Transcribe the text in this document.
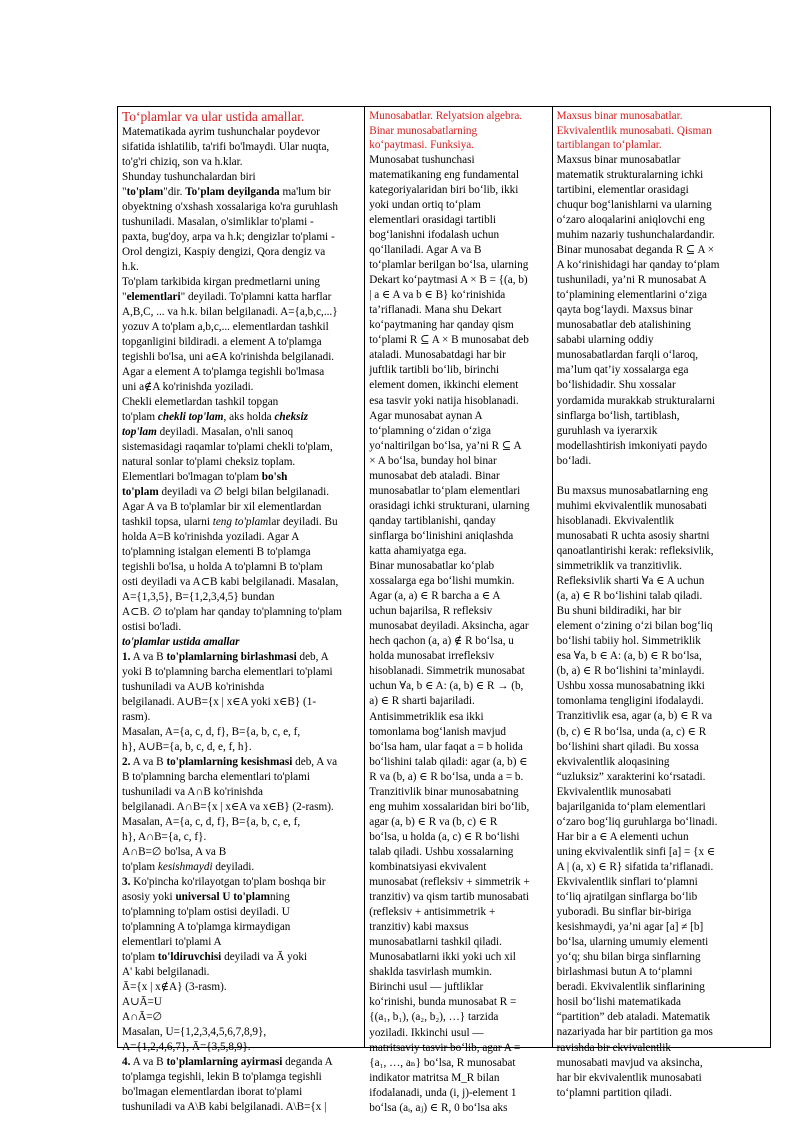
To‘plamlar va ular ustida amallar.

Matematikada ayrim tushunchalar poydevor

sifatida ishlatilib, ta'rifi bo'lmaydi. Ular nuqta,

to'g'ri chiziq, son va h.klar.

Shunday tushunchalardan biri

"to'plam"dir. To'plam deyilganda ma'lum bir

obyektning o'xshash xossalariga ko'ra guruhlash

tushuniladi. Masalan, o'simliklar to'plami -

paxta, bug'doy, arpa va h.k; dengizlar to'plami -

Orol dengizi, Kaspiy dengizi, Qora dengiz va

h.k.

To'plam tarkibida kirgan predmetlarni uning

"elementlari" deyiladi. To'plamni katta harflar

A,B,C, ... va h.k. bilan belgilanadi. A={a,b,c,...}

yozuv A to'plam a,b,c,... elementlardan tashkil

topganligini bildiradi. a element A to'plamga

tegishli bo'lsa, uni a∈A ko'rinishda belgilanadi.

Agar a element A to'plamga tegishli bo'lmasa

uni a∉A ko'rinishda yoziladi.

Chekli elemetlardan tashkil topgan

to'plam chekli top'lam, aks holda cheksiz

top'lam deyiladi. Masalan, o'nli sanoq

sistemasidagi raqamlar to'plami chekli to'plam,

natural sonlar to'plami cheksiz toplam.

Elementlari bo'lmagan to'plam bo'sh

to'plam deyiladi va ∅ belgi bilan belgilanadi.

Agar A va B to'plamlar bir xil elementlardan

tashkil topsa, ularni teng to'plamlar deyiladi. Bu

holda A=B ko'rinishda yoziladi. Agar A

to'plamning istalgan elementi B to'plamga

tegishli bo'lsa, u holda A to'plamni B to'plam

osti deyiladi va A⊂B kabi belgilanadi. Masalan,

A={1,3,5}, B={1,2,3,4,5} bundan

A⊂B. ∅ to'plam har qanday to'plamning to'plam

ostisi bo'ladi.

to'plamlar ustida amallar

1. A va B to'plamlarning birlashmasi deb, A

yoki B to'plamning barcha elementlari to'plami

tushuniladi va A∪B ko'rinishda

belgilanadi. A∪B={x | x∈A yoki x∈B} (1-

rasm).

Masalan, A={a, c, d, f}, B={a, b, c, e, f,

h}, A∪B={a, b, c, d, e, f, h}.

2. A va B to'plamlarning kesishmasi deb, A va

B to'plamning barcha elementlari to'plami

tushuniladi va A∩B ko'rinishda

belgilanadi. A∩B={x | x∈A va x∈B} (2-rasm).

Masalan, A={a, c, d, f}, B={a, b, c, e, f,

h}, A∩B={a, c, f}.

A∩B=∅ bo'lsa, A va B

to'plam kesishmaydi deyiladi.

3. Ko'pincha ko'rilayotgan to'plam boshqa bir

asosiy yoki universal U to'plamning

to'plamning to'plam ostisi deyiladi. U

to'plamning A to'plamga kirmaydigan

elementlari to'plami A

to'plam to'ldiruvchisi deyiladi va Ā yoki

A' kabi belgilanadi.

Ā={x | x∉A} (3-rasm).

A∪Ā=U

A∩Ā=∅

Masalan, U={1,2,3,4,5,6,7,8,9},

A={1,2,4,6,7}, Ā={3,5,8,9}.

4. A va B to'plamlarning ayirmasi deganda A

to'plamga tegishli, lekin B to'plamga tegishli

bo'lmagan elementlardan iborat to'plami

tushuniladi va A\B kabi belgilanadi. A\B={x |

Munosabatlar. Relyatsion algebra.

Binar munosabatlarning

ko‘paytmasi. Funksiya.

Munosabat tushunchasi

matematikaning eng fundamental

kategoriyalaridan biri bo‘lib, ikki

yoki undan ortiq to‘plam

elementlari orasidagi tartibli

bog‘lanishni ifodalash uchun

qo‘llaniladi. Agar A va B

to‘plamlar berilgan bo‘lsa, ularning

Dekart ko‘paytmasi A × B = {(a, b)

| a ∈ A va b ∈ B} ko‘rinishida

ta’riflanadi. Mana shu Dekart

ko‘paytmaning har qanday qism

to‘plami R ⊆ A × B munosabat deb

ataladi. Munosabatdagi har bir

juftlik tartibli bo‘lib, birinchi

element domen, ikkinchi element

esa tasvir yoki natija hisoblanadi.

Agar munosabat aynan A

to‘plamning o‘zidan o‘ziga

yo‘naltirilgan bo‘lsa, ya’ni R ⊆ A

× A bo‘lsa, bunday hol binar

munosabat deb ataladi. Binar

munosabatlar to‘plam elementlari

orasidagi ichki strukturani, ularning

qanday tartiblanishi, qanday

sinflarga bo‘linishini aniqlashda

katta ahamiyatga ega.

Binar munosabatlar ko‘plab

xossalarga ega bo‘lishi mumkin.

Agar (a, a) ∈ R barcha a ∈ A

uchun bajarilsa, R refleksiv

munosabat deyiladi. Aksincha, agar

hech qachon (a, a) ∉ R bo‘lsa, u

holda munosabat irrefleksiv

hisoblanadi. Simmetrik munosabat

uchun ∀a, b ∈ A: (a, b) ∈ R → (b,

a) ∈ R sharti bajariladi.

Antisimmetriklik esa ikki

tomonlama bog‘lanish mavjud

bo‘lsa ham, ular faqat a = b holida

bo‘lishini talab qiladi: agar (a, b) ∈

R va (b, a) ∈ R bo‘lsa, unda a = b.

Tranzitivlik binar munosabatning

eng muhim xossalaridan biri bo‘lib,

agar (a, b) ∈ R va (b, c) ∈ R

bo‘lsa, u holda (a, c) ∈ R bo‘lishi

talab qiladi. Ushbu xossalarning

kombinatsiyasi ekvivalent

munosabat (refleksiv + simmetrik +

tranzitiv) va qism tartib munosabati

(refleksiv + antisimmetrik +

tranzitiv) kabi maxsus

munosabatlarni tashkil qiladi.

Munosabatlarni ikki yoki uch xil

shaklda tasvirlash mumkin.

Birinchi usul — juftliklar

ko‘rinishi, bunda munosabat R =

{(a₁, b₁), (a₂, b₂), …} tarzida

yoziladi. Ikkinchi usul —

matritsaviy tasvir bo‘lib, agar A =

{a₁, …, aₙ} bo‘lsa, R munosabat

indikator matritsa M_R bilan

ifodalanadi, unda (i, j)-element 1

bo‘lsa (aᵢ, aⱼ) ∈ R, 0 bo‘lsa aks

Maxsus binar munosabatlar.

Ekvivalentlik munosabati. Qisman

tartiblangan to‘plamlar.

Maxsus binar munosabatlar

matematik strukturalarning ichki

tartibini, elementlar orasidagi

chuqur bog‘lanishlarni va ularning

o‘zaro aloqalarini aniqlovchi eng

muhim nazariy tushunchalardandir.

Binar munosabat deganda R ⊆ A ×

A ko‘rinishidagi har qanday to‘plam

tushuniladi, ya’ni R munosabat A

to‘plamining elementlarini o‘ziga

qayta bog‘laydi. Maxsus binar

munosabatlar deb atalishining

sababi ularning oddiy

munosabatlardan farqli o‘laroq,

ma’lum qat’iy xossalarga ega

bo‘lishidadir. Shu xossalar

yordamida murakkab strukturalarni

sinflarga bo‘lish, tartiblash,

guruhlash va iyerarxik

modellashtirish imkoniyati paydo

bo‘ladi.

Bu maxsus munosabatlarning eng

muhimi ekvivalentlik munosabati

hisoblanadi. Ekvivalentlik

munosabati R uchta asosiy shartni

qanoatlantirishi kerak: refleksivlik,

simmetriklik va tranzitivlik.

Refleksivlik sharti ∀a ∈ A uchun

(a, a) ∈ R bo‘lishini talab qiladi.

Bu shuni bildiradiki, har bir

element o‘zining o‘zi bilan bog‘liq

bo‘lishi tabiiy hol. Simmetriklik

esa ∀a, b ∈ A: (a, b) ∈ R bo‘lsa,

(b, a) ∈ R bo‘lishini ta’minlaydi.

Ushbu xossa munosabatning ikki

tomonlama tengligini ifodalaydi.

Tranzitivlik esa, agar (a, b) ∈ R va

(b, c) ∈ R bo‘lsa, unda (a, c) ∈ R

bo‘lishini shart qiladi. Bu xossa

ekvivalentlik aloqasining

“uzluksiz” xarakterini ko‘rsatadi.

Ekvivalentlik munosabati

bajarilganida to‘plam elementlari

o‘zaro bog‘liq guruhlarga bo‘linadi.

Har bir a ∈ A elementi uchun

uning ekvivalentlik sinfi [a] = {x ∈

A | (a, x) ∈ R} sifatida ta’riflanadi.

Ekvivalentlik sinflari to‘plamni

to‘liq ajratilgan sinflarga bo‘lib

yuboradi. Bu sinflar bir-biriga

kesishmaydi, ya’ni agar [a] ≠ [b]

bo‘lsa, ularning umumiy elementi

yo‘q; shu bilan birga sinflarning

birlashmasi butun A to‘plamni

beradi. Ekvivalentlik sinflarining

hosil bo‘lishi matematikada

“partition” deb ataladi. Matematik

nazariyada har bir partition ga mos

ravishda bir ekvivalentlik

munosabati mavjud va aksincha,

har bir ekvivalentlik munosabati

to‘plamni partition qiladi.
